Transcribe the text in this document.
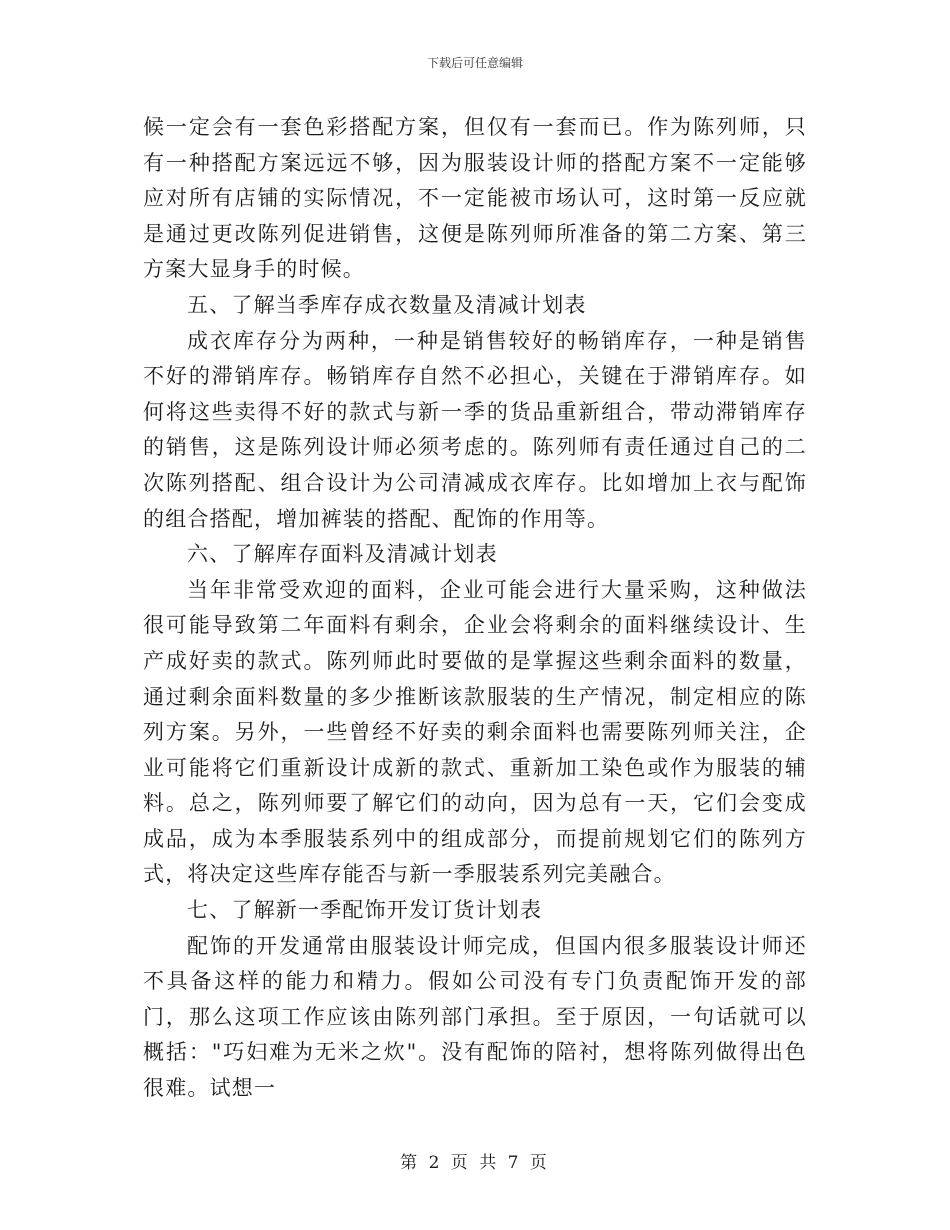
下载后可任意编辑

候一定会有一套色彩搭配方案，但仅有一套而已。作为陈列师，只有一种搭配方案远远不够，因为服装设计师的搭配方案不一定能够应对所有店铺的实际情况，不一定能被市场认可，这时第一反应就是通过更改陈列促进销售，这便是陈列师所准备的第二方案、第三方案大显身手的时候。

五、了解当季库存成衣数量及清减计划表

成衣库存分为两种，一种是销售较好的畅销库存，一种是销售不好的滞销库存。畅销库存自然不必担心，关键在于滞销库存。如何将这些卖得不好的款式与新一季的货品重新组合，带动滞销库存的销售，这是陈列设计师必须考虑的。陈列师有责任通过自己的二次陈列搭配、组合设计为公司清减成衣库存。比如增加上衣与配饰的组合搭配，增加裤装的搭配、配饰的作用等。

六、了解库存面料及清减计划表

当年非常受欢迎的面料，企业可能会进行大量采购，这种做法很可能导致第二年面料有剩余，企业会将剩余的面料继续设计、生产成好卖的款式。陈列师此时要做的是掌握这些剩余面料的数量，通过剩余面料数量的多少推断该款服装的生产情况，制定相应的陈列方案。另外，一些曾经不好卖的剩余面料也需要陈列师关注，企业可能将它们重新设计成新的款式、重新加工染色或作为服装的辅料。总之，陈列师要了解它们的动向，因为总有一天，它们会变成成品，成为本季服装系列中的组成部分，而提前规划它们的陈列方式，将决定这些库存能否与新一季服装系列完美融合。

七、了解新一季配饰开发订货计划表

配饰的开发通常由服装设计师完成，但国内很多服装设计师还不具备这样的能力和精力。假如公司没有专门负责配饰开发的部门，那么这项工作应该由陈列部门承担。至于原因，一句话就可以概括："巧妇难为无米之炊"。没有配饰的陪衬，想将陈列做得出色很难。试想一

第 2 页 共 7 页
